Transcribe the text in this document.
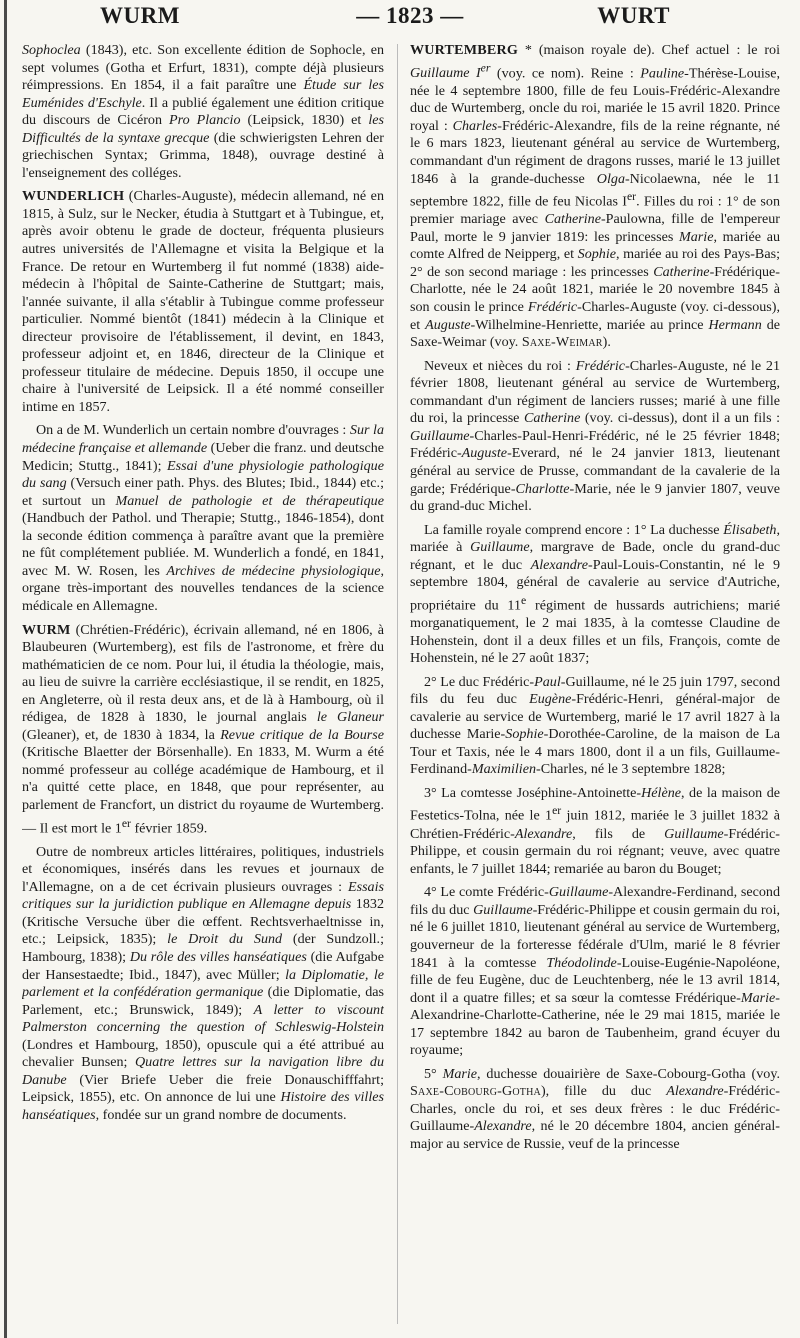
WURM	— 1823 —	WURT

Sophoclea (1843), etc. Son excellente édition de Sophocle, en sept volumes (Gotha et Erfurt, 1831), compte déjà plusieurs réimpressions. En 1854, il a fait paraître une Étude sur les Euménides d'Eschyle. Il a publié également une édition critique du discours de Cicéron Pro Plancio (Leipsick, 1830) et les Difficultés de la syntaxe grecque (die schwierigsten Lehren der griechischen Syntax; Grimma, 1848), ouvrage destiné à l'enseignement des colléges.

WUNDERLICH (Charles-Auguste), médecin allemand, né en 1815, à Sulz, sur le Necker, étudia à Stuttgart et à Tubingue, et, après avoir obtenu le grade de docteur, fréquenta plusieurs autres universités de l'Allemagne et visita la Belgique et la France. De retour en Wurtemberg il fut nommé (1838) aide-médecin à l'hôpital de Sainte-Catherine de Stuttgart; mais, l'année suivante, il alla s'établir à Tubingue comme professeur particulier. Nommé bientôt (1841) médecin à la Clinique et directeur provisoire de l'établissement, il devint, en 1843, professeur adjoint et, en 1846, directeur de la Clinique et professeur titulaire de médecine. Depuis 1850, il occupe une chaire à l'université de Leipsick. Il a été nommé conseiller intime en 1857.

On a de M. Wunderlich un certain nombre d'ouvrages : Sur la médecine française et allemande (Ueber die franz. und deutsche Medicin; Stuttg., 1841); Essai d'une physiologie pathologique du sang (Versuch einer path. Phys. des Blutes; Ibid., 1844) etc.; et surtout un Manuel de pathologie et de thérapeutique (Handbuch der Pathol. und Therapie; Stuttg., 1846-1854), dont la seconde édition commença à paraître avant que la première ne fût complétement publiée. M. Wunderlich a fondé, en 1841, avec M. W. Rosen, les Archives de médecine physiologique, organe très-important des nouvelles tendances de la science médicale en Allemagne.

WURM (Chrétien-Frédéric), écrivain allemand, né en 1806, à Blaubeuren (Wurtemberg), est fils de l'astronome, et frère du mathématicien de ce nom. Pour lui, il étudia la théologie, mais, au lieu de suivre la carrière ecclésiastique, il se rendit, en 1825, en Angleterre, où il resta deux ans, et de là à Hambourg, où il rédigea, de 1828 à 1830, le journal anglais le Glaneur (Gleaner), et, de 1830 à 1834, la Revue critique de la Bourse (Kritische Blaetter der Börsenhalle). En 1833, M. Wurm a été nommé professeur au collége académique de Hambourg, et il n'a quitté cette place, en 1848, que pour représenter, au parlement de Francfort, un district du royaume de Wurtemberg. — Il est mort le 1er février 1859.

Outre de nombreux articles littéraires, politiques, industriels et économiques, insérés dans les revues et journaux de l'Allemagne, on a de cet écrivain plusieurs ouvrages : Essais critiques sur la juridiction publique en Allemagne depuis 1832 (Kritische Versuche über die œffent. Rechtsverhaeltnisse in, etc.; Leipsick, 1835); le Droit du Sund (der Sundzoll.; Hambourg, 1838); Du rôle des villes hanséatiques (die Aufgabe der Hansestaedte; Ibid., 1847), avec Müller; la Diplomatie, le parlement et la confédération germanique (die Diplomatie, das Parlement, etc.; Brunswick, 1849); A letter to viscount Palmerston concerning the question of Schleswig-Holstein (Londres et Hambourg, 1850), opuscule qui a été attribué au chevalier Bunsen; Quatre lettres sur la navigation libre du Danube (Vier Briefe Ueber die freie Donauschifffahrt; Leipsick, 1855), etc. On annonce de lui une Histoire des villes hanséatiques, fondée sur un grand nombre de documents.

WURTEMBERG * (maison royale de). Chef actuel : le roi Guillaume Ier (voy. ce nom). Reine : Pauline-Thérèse-Louise, née le 4 septembre 1800, fille de feu Louis-Frédéric-Alexandre duc de Wurtemberg, oncle du roi, mariée le 15 avril 1820. Prince royal : Charles-Frédéric-Alexandre, fils de la reine régnante, né le 6 mars 1823, lieutenant général au service de Wurtemberg, commandant d'un régiment de dragons russes, marié le 13 juillet 1846 à la grande-duchesse Olga-Nicolaewna, née le 11 septembre 1822, fille de feu Nicolas Ier. Filles du roi : 1° de son premier mariage avec Catherine-Paulowna, fille de l'empereur Paul, morte le 9 janvier 1819: les princesses Marie, mariée au comte Alfred de Neipperg, et Sophie, mariée au roi des Pays-Bas; 2° de son second mariage : les princesses Catherine-Frédérique-Charlotte, née le 24 août 1821, mariée le 20 novembre 1845 à son cousin le prince Frédéric-Charles-Auguste (voy. ci-dessous), et Auguste-Wilhelmine-Henriette, mariée au prince Hermann de Saxe-Weimar (voy. Saxe-Weimar).

Neveux et nièces du roi : Frédéric-Charles-Auguste, né le 21 février 1808, lieutenant général au service de Wurtemberg, commandant d'un régiment de lanciers russes; marié à une fille du roi, la princesse Catherine (voy. ci-dessus), dont il a un fils : Guillaume-Charles-Paul-Henri-Frédéric, né le 25 février 1848; Frédéric-Auguste-Everard, né le 24 janvier 1813, lieutenant général au service de Prusse, commandant de la cavalerie de la garde; Frédérique-Charlotte-Marie, née le 9 janvier 1807, veuve du grand-duc Michel.

La famille royale comprend encore : 1° La duchesse Élisabeth, mariée à Guillaume, margrave de Bade, oncle du grand-duc régnant, et le duc Alexandre-Paul-Louis-Constantin, né le 9 septembre 1804, général de cavalerie au service d'Autriche, propriétaire du 11e régiment de hussards autrichiens; marié morganatiquement, le 2 mai 1835, à la comtesse Claudine de Hohenstein, dont il a deux filles et un fils, François, comte de Hohenstein, né le 27 août 1837;

2° Le duc Frédéric-Paul-Guillaume, né le 25 juin 1797, second fils du feu duc Eugène-Frédéric-Henri, général-major de cavalerie au service de Wurtemberg, marié le 17 avril 1827 à la duchesse Marie-Sophie-Dorothée-Caroline, de la maison de La Tour et Taxis, née le 4 mars 1800, dont il a un fils, Guillaume-Ferdinand-Maximilien-Charles, né le 3 septembre 1828;

3° La comtesse Joséphine-Antoinette-Hélène, de la maison de Festetics-Tolna, née le 1er juin 1812, mariée le 3 juillet 1832 à Chrétien-Frédéric-Alexandre, fils de Guillaume-Frédéric-Philippe, et cousin germain du roi régnant; veuve, avec quatre enfants, le 7 juillet 1844; remariée au baron du Bouget;

4° Le comte Frédéric-Guillaume-Alexandre-Ferdinand, second fils du duc Guillaume-Frédéric-Philippe et cousin germain du roi, né le 6 juillet 1810, lieutenant général au service de Wurtemberg, gouverneur de la forteresse fédérale d'Ulm, marié le 8 février 1841 à la comtesse Théodolinde-Louise-Eugénie-Napoléone, fille de feu Eugène, duc de Leuchtenberg, née le 13 avril 1814, dont il a quatre filles; et sa sœur la comtesse Frédérique-Marie-Alexandrine-Charlotte-Catherine, née le 29 mai 1815, mariée le 17 septembre 1842 au baron de Taubenheim, grand écuyer du royaume;

5° Marie, duchesse douairière de Saxe-Cobourg-Gotha (voy. Saxe-Cobourg-Gotha), fille du duc Alexandre-Frédéric-Charles, oncle du roi, et ses deux frères : le duc Frédéric-Guillaume-Alexandre, né le 20 décembre 1804, ancien général-major au service de Russie, veuf de la princesse
